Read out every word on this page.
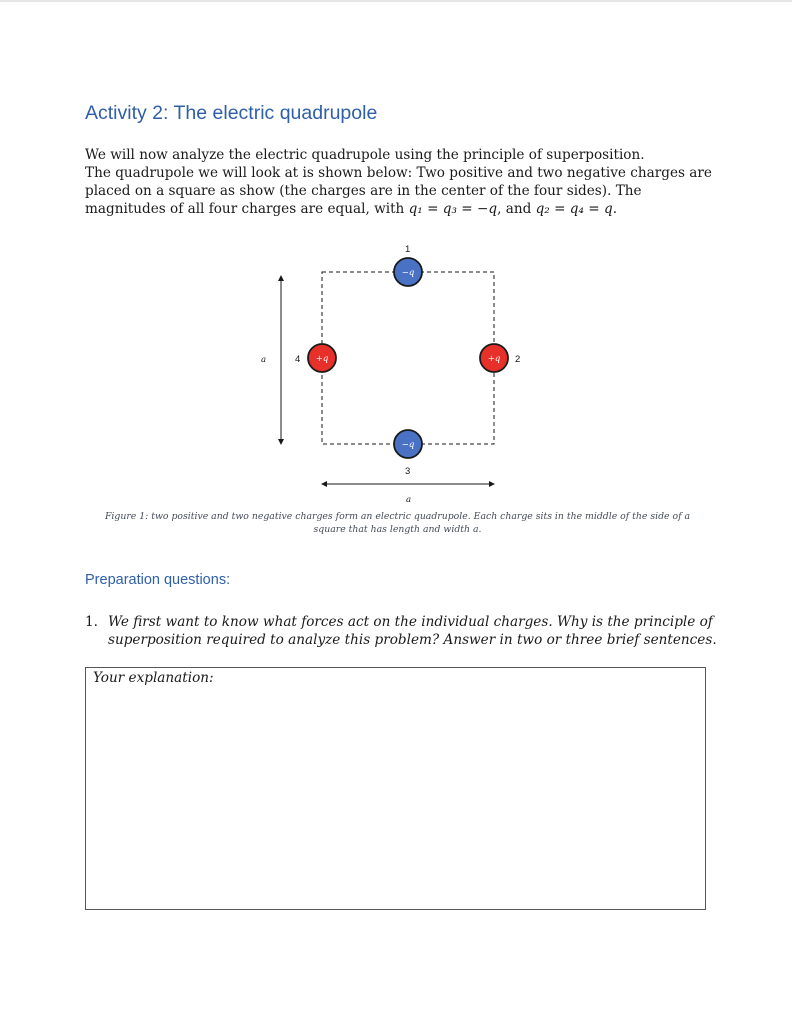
Activity 2: The electric quadrupole

We will now analyze the electric quadrupole using the principle of superposition.
The quadrupole we will look at is shown below: Two positive and two negative charges are
placed on a square as show (the charges are in the center of the four sides). The
magnitudes of all four charges are equal, with q₁ = q₃ = −q, and q₂ = q₄ = q.

a
a
1
−q
+q 2
−q
3
+q
4

Figure 1: two positive and two negative charges form an electric quadrupole. Each charge sits in the middle of the side of a
square that has length and width a.

Preparation questions:
1. We first want to know what forces act on the individual charges. Why is the principle of superposition required to analyze this problem? Answer in two or three brief sentences.

Your explanation:
